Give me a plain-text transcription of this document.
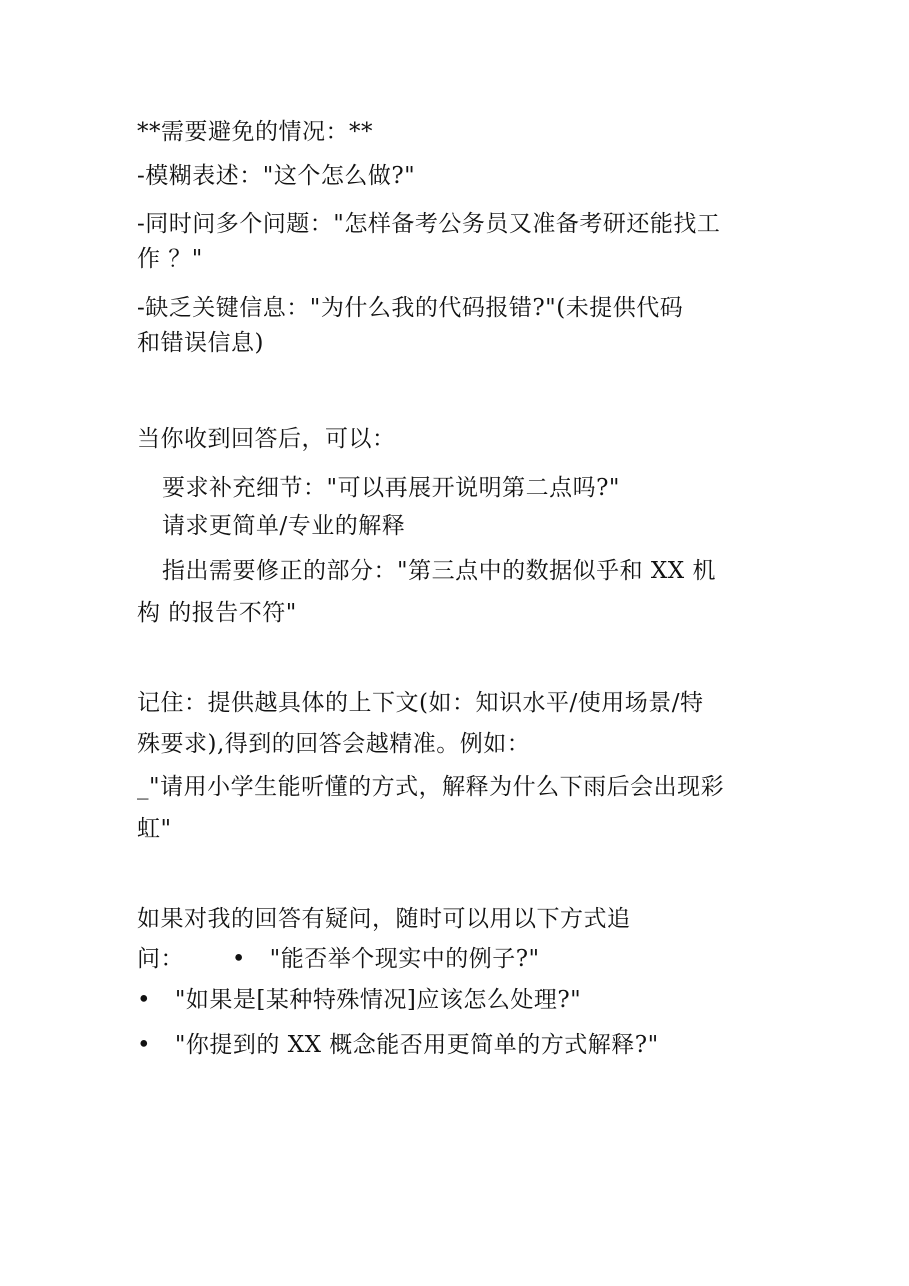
**需要避免的情况：**
-模糊表述："这个怎么做?"
-同时问多个问题："怎样备考公务员又准备考研还能找工
作 ？"
-缺乏关键信息："为什么我的代码报错?"(未提供代码
和错误信息)
当你收到回答后，可以：
要求补充细节："可以再展开说明第二点吗?"
请求更简单/专业的解释
指出需要修正的部分："第三点中的数据似乎和 XX 机
构 的报告不符"
记住：提供越具体的上下文(如：知识水平/使用场景/特
殊要求),得到的回答会越精准。例如：
_"请用小学生能听懂的方式，解释为什么下雨后会出现彩
虹"
如果对我的回答有疑问，随时可以用以下方式追
问： • "能否举个现实中的例子?"
• "如果是[某种特殊情况]应该怎么处理?"
• "你提到的 XX 概念能否用更简单的方式解释?"
